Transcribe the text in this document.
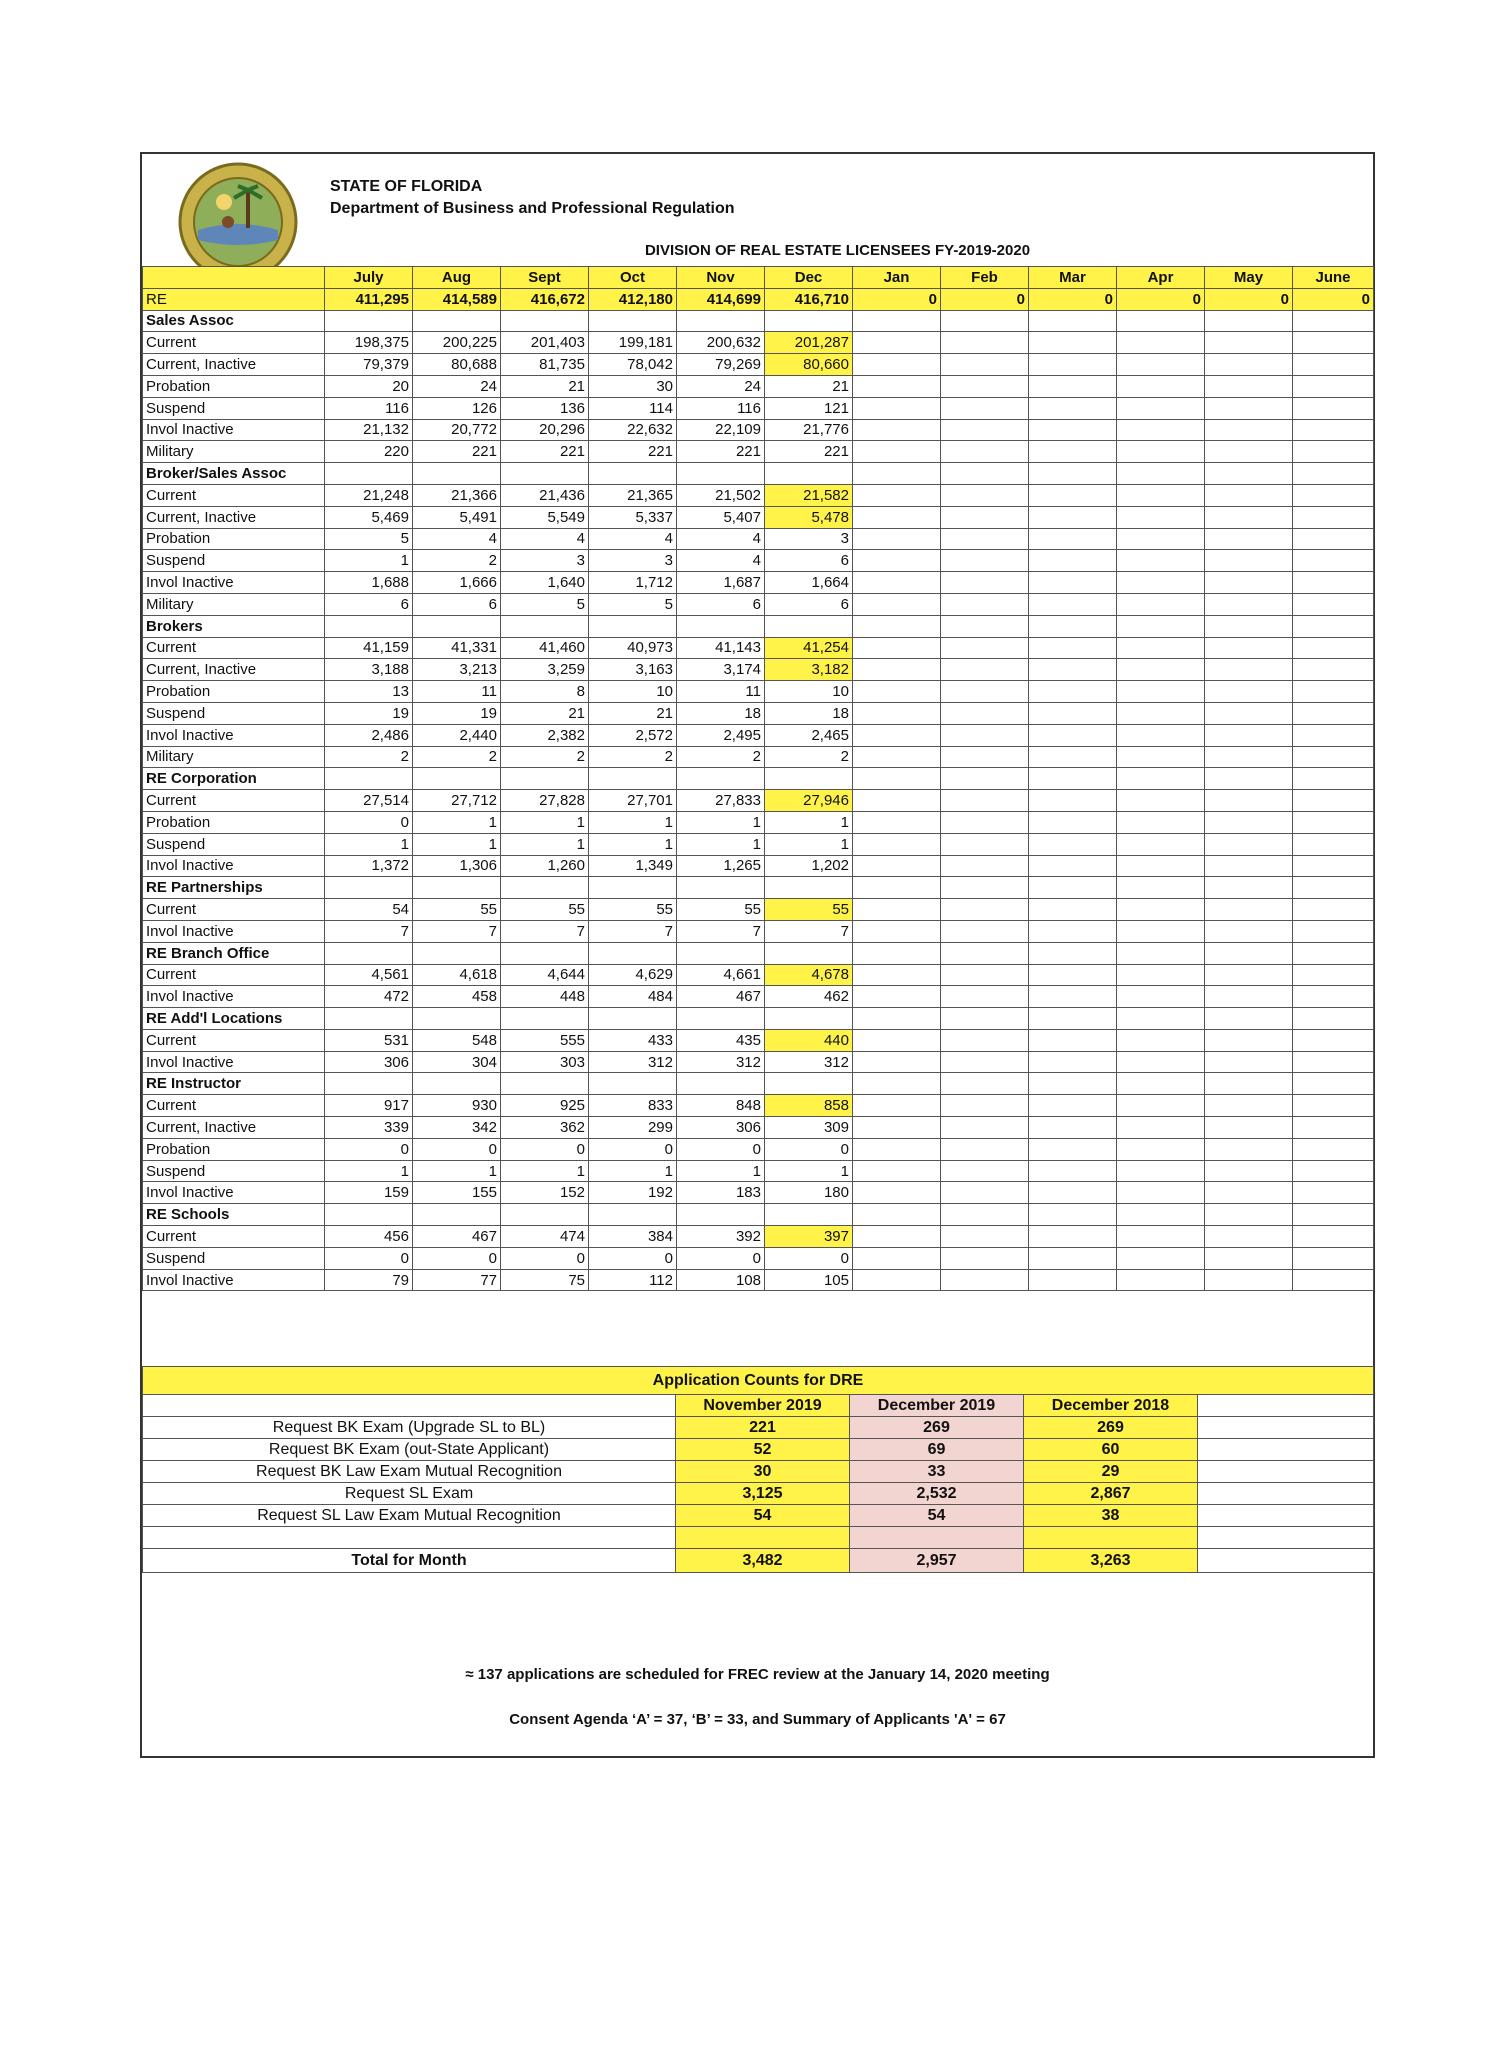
STATE OF FLORIDA
Department of Business and Professional Regulation
DIVISION OF REAL ESTATE LICENSEES FY-2019-2020
	July	Aug	Sept	Oct	Nov	Dec	Jan	Feb	Mar	Apr	May	June
RE	411,295	414,589	416,672	412,180	414,699	416,710	0	0	0	0	0	0
Sales Assoc												
Current	198,375	200,225	201,403	199,181	200,632	201,287						
Current, Inactive	79,379	80,688	81,735	78,042	79,269	80,660						
Probation	20	24	21	30	24	21						
Suspend	116	126	136	114	116	121						
Invol Inactive	21,132	20,772	20,296	22,632	22,109	21,776						
Military	220	221	221	221	221	221						
Broker/Sales Assoc												
Current	21,248	21,366	21,436	21,365	21,502	21,582						
Current, Inactive	5,469	5,491	5,549	5,337	5,407	5,478						
Probation	5	4	4	4	4	3						
Suspend	1	2	3	3	4	6						
Invol Inactive	1,688	1,666	1,640	1,712	1,687	1,664						
Military	6	6	5	5	6	6						
Brokers												
Current	41,159	41,331	41,460	40,973	41,143	41,254						
Current, Inactive	3,188	3,213	3,259	3,163	3,174	3,182						
Probation	13	11	8	10	11	10						
Suspend	19	19	21	21	18	18						
Invol Inactive	2,486	2,440	2,382	2,572	2,495	2,465						
Military	2	2	2	2	2	2						
RE Corporation												
Current	27,514	27,712	27,828	27,701	27,833	27,946						
Probation	0	1	1	1	1	1						
Suspend	1	1	1	1	1	1						
Invol Inactive	1,372	1,306	1,260	1,349	1,265	1,202						
RE Partnerships												
Current	54	55	55	55	55	55						
Invol Inactive	7	7	7	7	7	7						
RE Branch Office												
Current	4,561	4,618	4,644	4,629	4,661	4,678						
Invol Inactive	472	458	448	484	467	462						
RE Add'l Locations												
Current	531	548	555	433	435	440						
Invol Inactive	306	304	303	312	312	312						
RE Instructor												
Current	917	930	925	833	848	858						
Current, Inactive	339	342	362	299	306	309						
Probation	0	0	0	0	0	0						
Suspend	1	1	1	1	1	1						
Invol Inactive	159	155	152	192	183	180						
RE Schools												
Current	456	467	474	384	392	397						
Suspend	0	0	0	0	0	0						
Invol Inactive	79	77	75	112	108	105						
Application Counts for DRE				
	November 2019	December 2019	December 2018	
Request BK Exam (Upgrade SL to BL)	221	269	269	
Request BK Exam (out-State Applicant)	52	69	60	
Request BK Law Exam Mutual Recognition	30	33	29	
Request SL Exam	3,125	2,532	2,867	
Request SL Law Exam Mutual Recognition	54	54	38	

Total for Month	3,482	2,957	3,263	
≈ 137 applications are scheduled for FREC review at the January 14, 2020 meeting
Consent Agenda ‘A’ = 37, ‘B’ = 33, and Summary of Applicants 'A' = 67
